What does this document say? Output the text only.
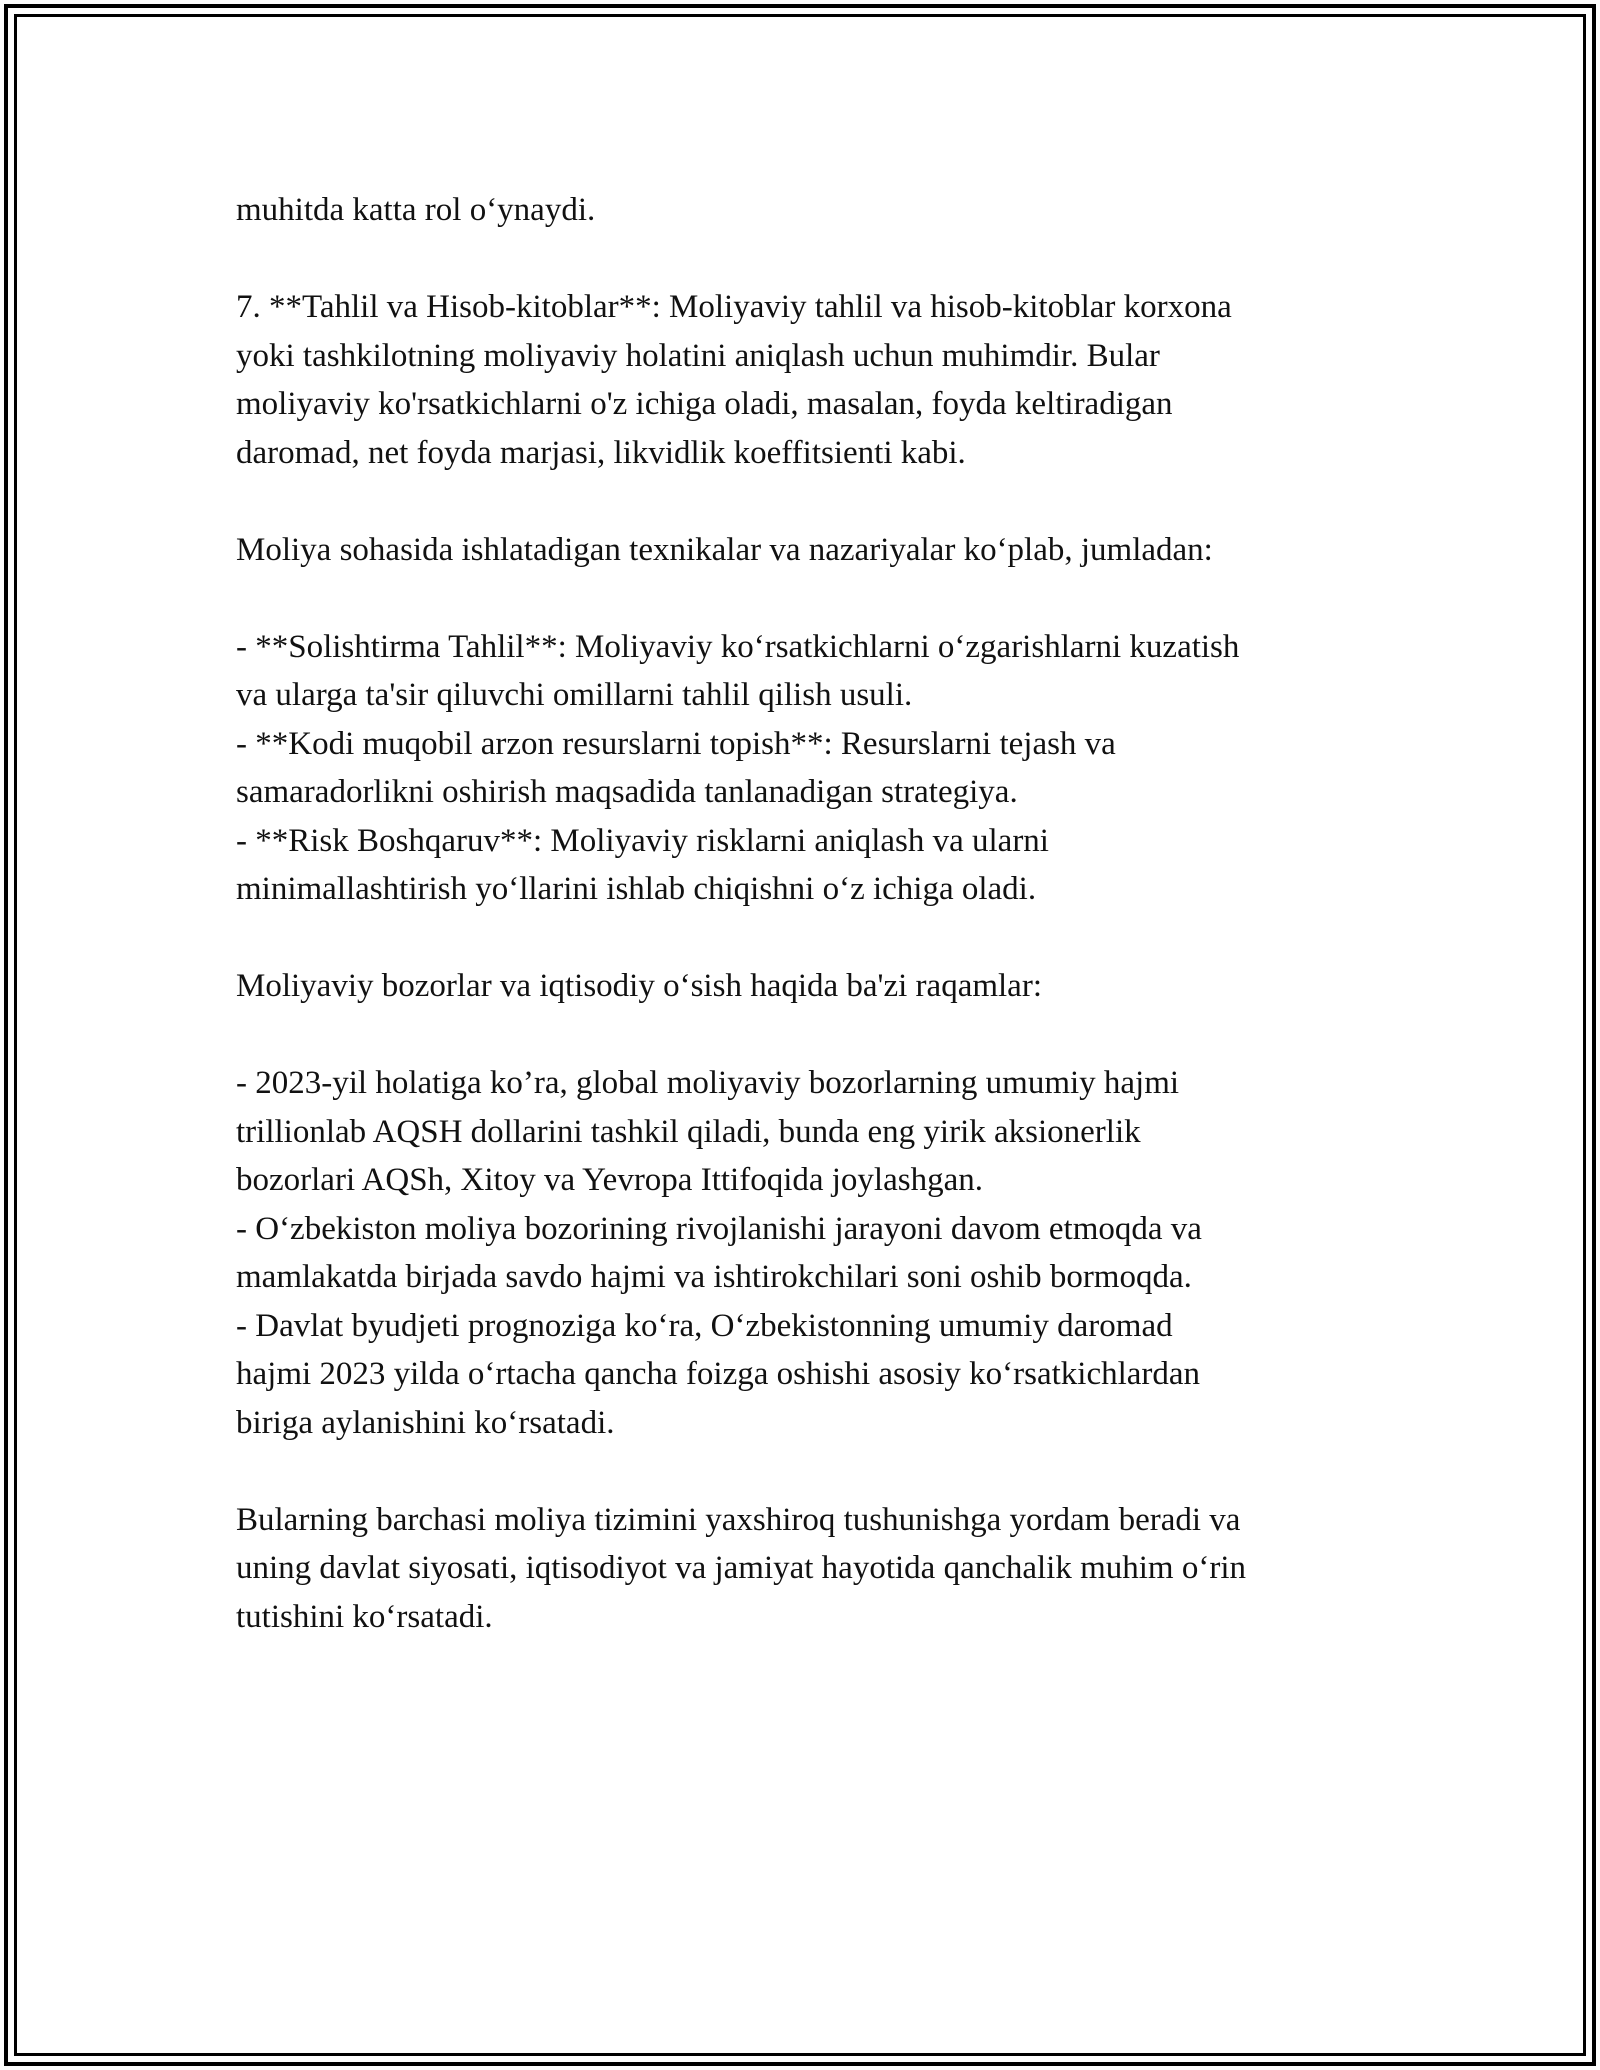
muhitda katta rol o‘ynaydi.
7. **Tahlil va Hisob-kitoblar**: Moliyaviy tahlil va hisob-kitoblar korxona
yoki tashkilotning moliyaviy holatini aniqlash uchun muhimdir. Bular
moliyaviy ko'rsatkichlarni o'z ichiga oladi, masalan, foyda keltiradigan
daromad, net foyda marjasi, likvidlik koeffitsienti kabi.
Moliya sohasida ishlatadigan texnikalar va nazariyalar ko‘plab, jumladan:
- **Solishtirma Tahlil**: Moliyaviy ko‘rsatkichlarni o‘zgarishlarni kuzatish
va ularga ta'sir qiluvchi omillarni tahlil qilish usuli.
- **Kodi muqobil arzon resurslarni topish**: Resurslarni tejash va
samaradorlikni oshirish maqsadida tanlanadigan strategiya.
- **Risk Boshqaruv**: Moliyaviy risklarni aniqlash va ularni
minimallashtirish yo‘llarini ishlab chiqishni o‘z ichiga oladi.
Moliyaviy bozorlar va iqtisodiy o‘sish haqida ba'zi raqamlar:
- 2023-yil holatiga ko’ra, global moliyaviy bozorlarning umumiy hajmi
trillionlab AQSH dollarini tashkil qiladi, bunda eng yirik aksionerlik
bozorlari AQSh, Xitoy va Yevropa Ittifoqida joylashgan.
- O‘zbekiston moliya bozorining rivojlanishi jarayoni davom etmoqda va
mamlakatda birjada savdo hajmi va ishtirokchilari soni oshib bormoqda.
- Davlat byudjeti prognoziga ko‘ra, O‘zbekistonning umumiy daromad
hajmi 2023 yilda o‘rtacha qancha foizga oshishi asosiy ko‘rsatkichlardan
biriga aylanishini ko‘rsatadi.
Bularning barchasi moliya tizimini yaxshiroq tushunishga yordam beradi va
uning davlat siyosati, iqtisodiyot va jamiyat hayotida qanchalik muhim o‘rin
tutishini ko‘rsatadi.
